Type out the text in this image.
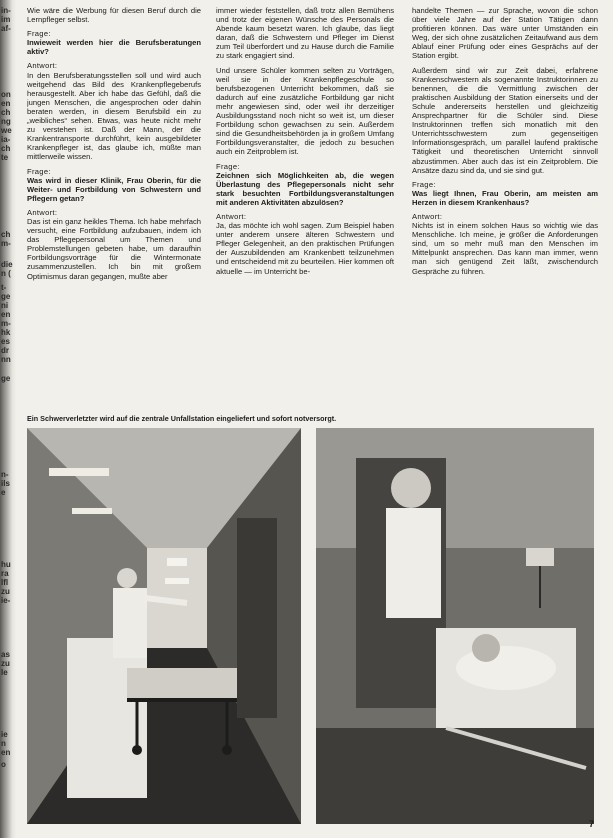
in-
im
af-
on
en
ch
ng
we
ia-
ch
te
ch
m-
die
n (
t-
ge
ni
en
m-
hk
es
dr
nn
ge
n-
ils
e
hu
ra
lfl
zu
ie-
as
zu
le
ie
n
en
o

Wie wäre die Werbung für diesen Beruf durch die Lernpfleger selbst.

Frage:
Inwieweit werden hier die Berufsberatungen aktiv?

Antwort:
In den Berufsberatungsstellen soll und wird auch weitgehend das Bild des Krankenpflegeberufs herausgestellt. Aber ich habe das Gefühl, daß die jungen Menschen, die angesprochen oder dahin beraten werden, in diesem Berufsbild ein zu „weibliches“ sehen. Etwas, was heute nicht mehr zu verstehen ist. Daß der Mann, der die Krankentransporte durchführt, kein ausgebildeter Krankenpfleger ist, das glaube ich, müßte man mittlerweile wissen.

Frage:
Was wird in dieser Klinik, Frau Oberin, für die Weiter- und Fortbildung von Schwestern und Pflegern getan?

Antwort:
Das ist ein ganz heikles Thema. Ich habe mehrfach versucht, eine Fortbildung aufzubauen, indem ich das Pflegepersonal um Themen und Problemstellungen gebeten habe, um daraufhin Fortbildungsvorträge für die Wintermonate zusammenzustellen. Ich bin mit großem Optimismus daran gegangen, mußte aber

immer wieder feststellen, daß trotz allen Bemühens und trotz der eigenen Wünsche des Personals die Abende kaum besetzt waren. Ich glaube, das liegt daran, daß die Schwestern und Pfleger im Dienst zum Teil überfordert und zu Hause durch die Familie zu stark engagiert sind.

Und unsere Schüler kommen selten zu Vorträgen, weil sie in der Krankenpflegeschule so berufsbezogenen Unterricht bekommen, daß sie dadurch auf eine zusätzliche Fortbildung gar nicht mehr angewiesen sind, oder weil ihr derzeitiger Ausbildungsstand noch nicht so weit ist, um dieser Fortbildung schon gewachsen zu sein. Außerdem sind die Gesundheitsbehörden ja in großem Umfang Fortbildungsveranstalter, die jedoch zu besuchen auch ein Zeitproblem ist.

Frage:
Zeichnen sich Möglichkeiten ab, die wegen Überlastung des Pflegepersonals nicht sehr stark besuchten Fortbildungsveranstaltungen mit anderen Aktivitäten abzulösen?

Antwort:
Ja, das möchte ich wohl sagen. Zum Beispiel haben unter anderem unsere älteren Schwestern und Pfleger Gelegenheit, an den praktischen Prüfungen der Auszubildenden am Krankenbett teilzunehmen und entscheidend mit zu beurteilen. Hier kommen oft aktuelle — im Unterricht be-

handelte Themen — zur Sprache, wovon die schon über viele Jahre auf der Station Tätigen dann profitieren können. Das wäre unter Umständen ein Weg, der sich ohne zusätzlichen Zeitaufwand aus dem Ablauf einer Prüfung oder eines Gesprächs auf der Station ergibt.

Außerdem sind wir zur Zeit dabei, erfahrene Krankenschwestern als sogenannte Instruktorinnen zu benennen, die die Vermittlung zwischen der praktischen Ausbildung der Station einerseits und der Schule andererseits herstellen und gleichzeitig Ansprechpartner für die Schüler sind. Diese Instruktorinnen treffen sich monatlich mit den Unterrichtsschwestern zum gegenseitigen Informationsgespräch, um parallel laufend praktische Tätigkeit und theoretischen Unterricht sinnvoll abzustimmen. Aber auch das ist ein Zeitproblem. Die Ansätze dazu sind da, und sie sind gut.

Frage:
Was liegt Ihnen, Frau Oberin, am meisten am Herzen in diesem Krankenhaus?

Antwort:
Nichts ist in einem solchen Haus so wichtig wie das Menschliche. Ich meine, je größer die Anforderungen sind, um so mehr muß man den Menschen im Mittelpunkt ansprechen. Das kann man immer, wenn man sich genügend Zeit läßt, zwischendurch Gespräche zu führen.

Ein Schwerverletzter wird auf die zentrale Unfallstation eingeliefert und sofort notversorgt.
7
